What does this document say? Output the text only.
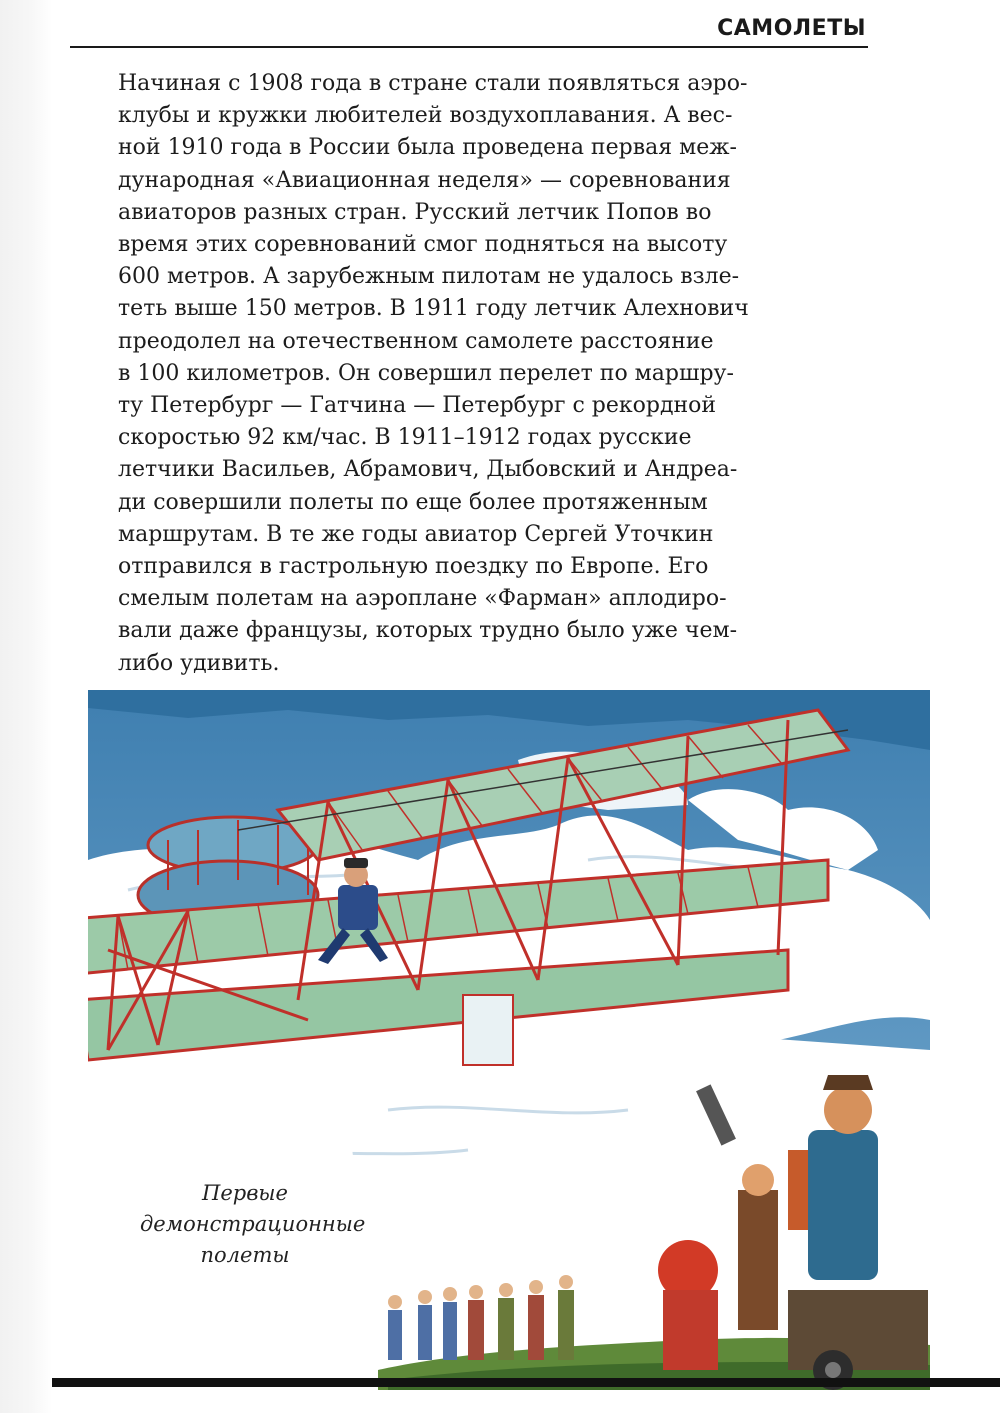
САМОЛЕТЫ

Начиная с 1908 года в стране стали появляться аэро-
клубы и кружки любителей воздухоплавания. А вес-
ной 1910 года в России была проведена первая меж-
дународная «Авиационная неделя» — соревнования
авиаторов разных стран. Русский летчик Попов во
время этих соревнований смог подняться на высоту
600 метров. А зарубежным пилотам не удалось взле-
теть выше 150 метров. В 1911 году летчик Алехнович
преодолел на отечественном самолете расстояние
в 100 километров. Он совершил перелет по маршру-
ту Петербург — Гатчина — Петербург с рекордной
скоростью 92 км/час. В 1911–1912 годах русские
летчики Васильев, Абрамович, Дыбовский и Андреа-
ди совершили полеты по еще более протяженным
маршрутам. В те же годы авиатор Сергей Уточкин
отправился в гастрольную поездку по Европе. Его
смелым полетам на аэроплане «Фарман» аплодиро-
вали даже французы, которых трудно было уже чем-
либо удивить.

Первые
демонстрационные
полеты
